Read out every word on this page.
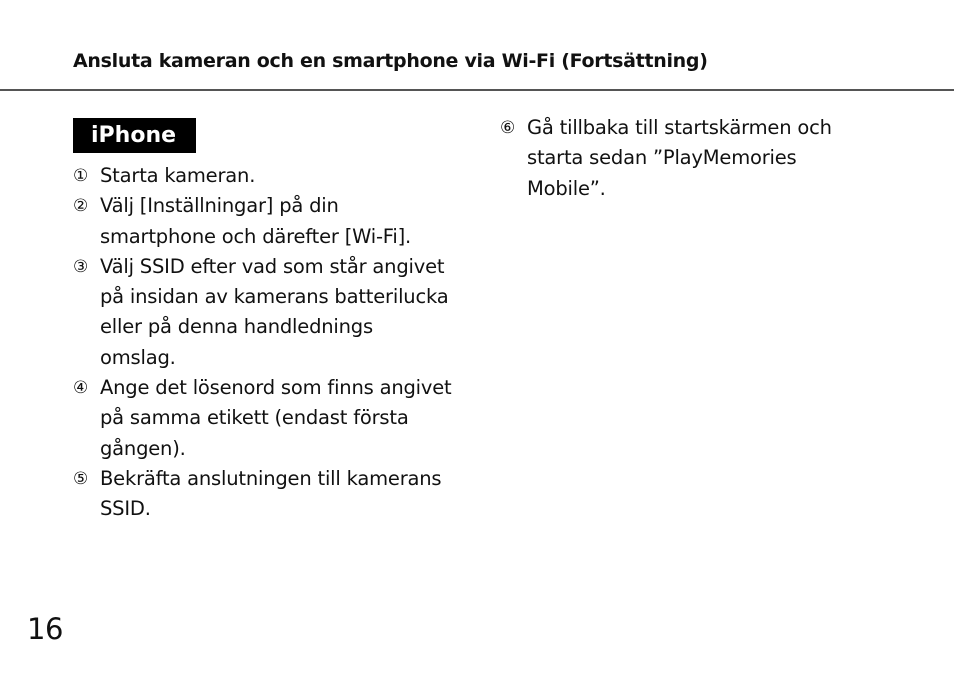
Ansluta kameran och en smartphone via Wi-Fi (Fortsättning)
iPhone
① Starta kameran.
② Välj [Inställningar] på din smartphone och därefter [Wi-Fi].
③ Välj SSID efter vad som står angivet på insidan av kamerans batterilucka eller på denna handlednings omslag.
④ Ange det lösenord som finns angivet på samma etikett (endast första gången).
⑤ Bekräfta anslutningen till kamerans SSID.
⑥ Gå tillbaka till startskärmen och starta sedan ”PlayMemories Mobile”.
16
